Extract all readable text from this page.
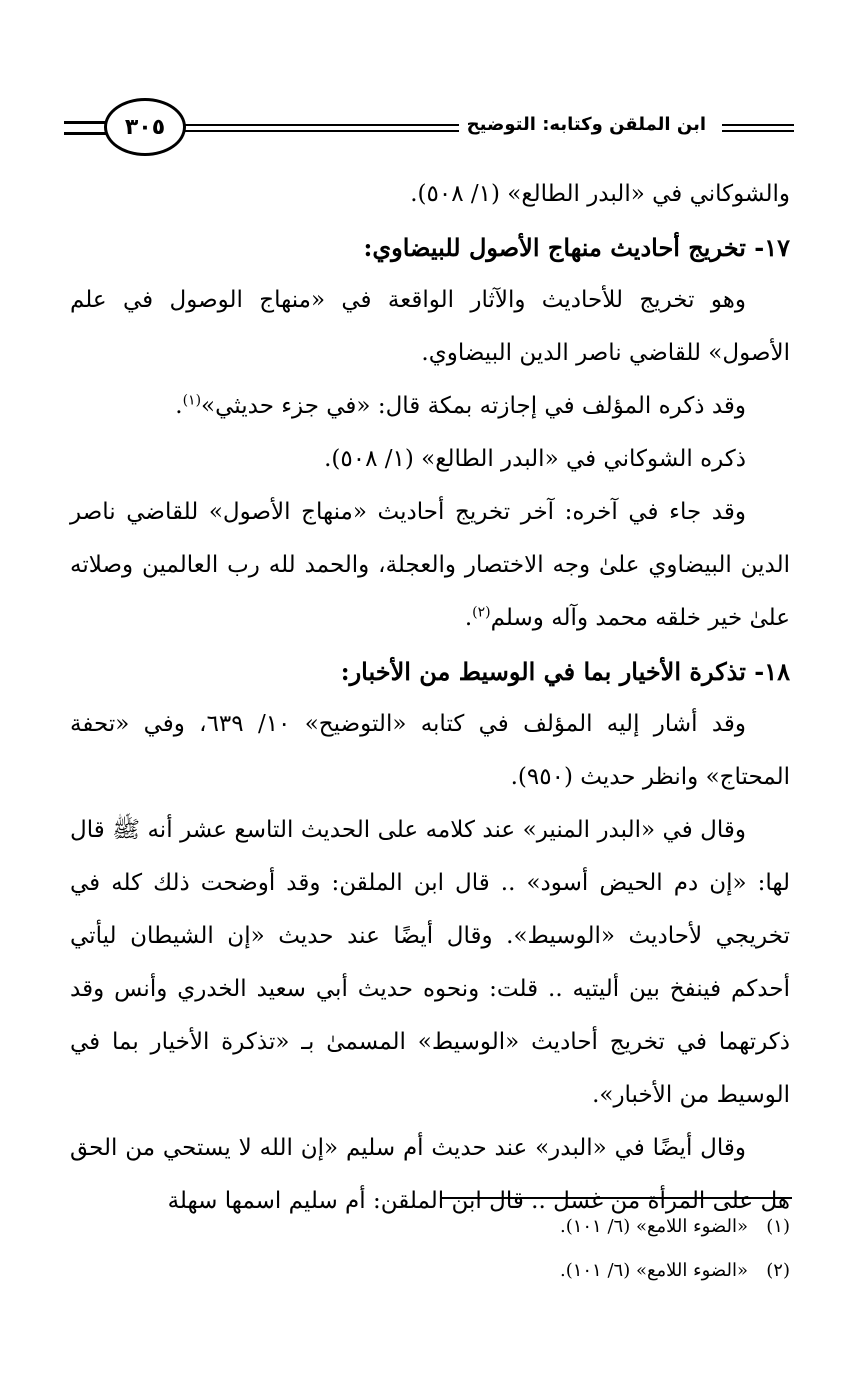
ابن الملقن وكتابه: التوضيح
٣٠٥

والشوكاني في «البدر الطالع» (١/ ٥٠٨).

١٧- تخريج أحاديث منهاج الأصول للبيضاوي:

وهو تخريج للأحاديث والآثار الواقعة في «منهاج الوصول في علم الأصول» للقاضي ناصر الدين البيضاوي.

وقد ذكره المؤلف في إجازته بمكة قال: «في جزء حديثي»$^{(١)}$.

ذكره الشوكاني في «البدر الطالع» (١/ ٥٠٨).

وقد جاء في آخره: آخر تخريج أحاديث «منهاج الأصول» للقاضي ناصر الدين البيضاوي علىٰ وجه الاختصار والعجلة، والحمد لله رب العالمين وصلاته علىٰ خير خلقه محمد وآله وسلم$^{(٢)}$.

١٨- تذكرة الأخيار بما في الوسيط من الأخبار:

وقد أشار إليه المؤلف في كتابه «التوضيح» ١٠/ ٦٣٩، وفي «تحفة المحتاج» وانظر حديث (٩٥٠).

وقال في «البدر المنير» عند كلامه على الحديث التاسع عشر أنه ﷺ قال لها: «إن دم الحيض أسود» .. قال ابن الملقن: وقد أوضحت ذلك كله في تخريجي لأحاديث «الوسيط». وقال أيضًا عند حديث «إن الشيطان ليأتي أحدكم فينفخ بين أليتيه .. قلت: ونحوه حديث أبي سعيد الخدري وأنس وقد ذكرتهما في تخريج أحاديث «الوسيط» المسمىٰ بـ «تذكرة الأخيار بما في الوسيط من الأخبار».

وقال أيضًا في «البدر» عند حديث أم سليم «إن الله لا يستحي من الحق هل على المرأة من غسل .. قال ابن الملقن: أم سليم اسمها سهلة

(١)«الضوء اللامع» (٦/ ١٠١).

(٢)«الضوء اللامع» (٦/ ١٠١).
